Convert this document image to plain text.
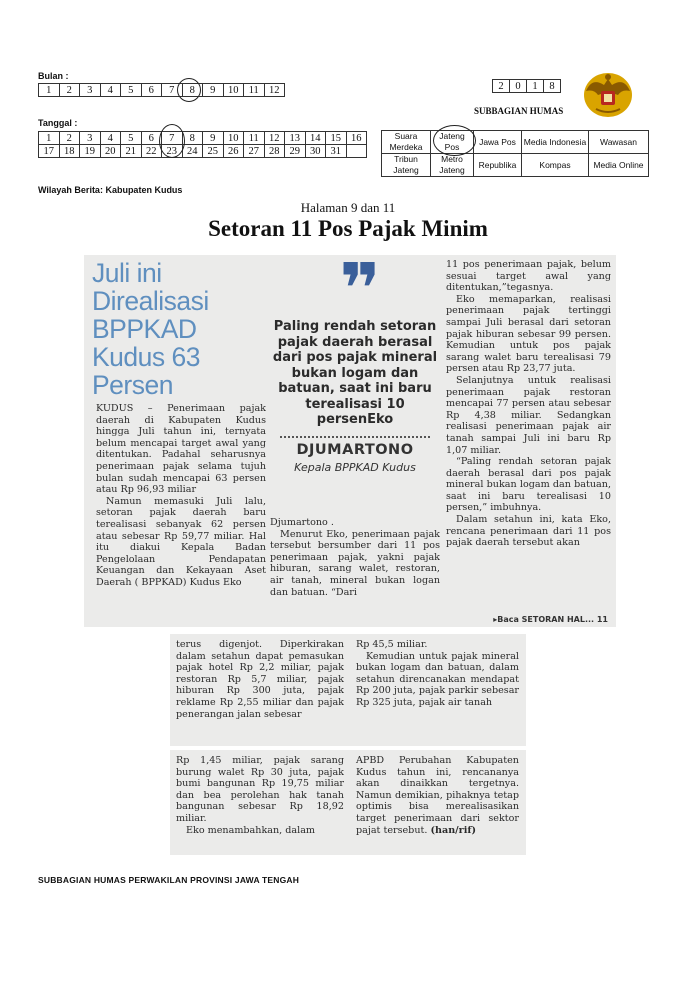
Bulan :
1	2	3	4	5	6	7	8	9	10	11	12
Tanggal :
1	2	3	4	5	6	7	8	9	10	11	12	13	14	15	16
17	18	19	20	21	22	23	24	25	26	27	28	29	30	31	
Wilayah Berita: Kabupaten Kudus
2	0	1	8
SUBBAGIAN HUMAS
Suara Merdeka	Jateng Pos	Jawa Pos	Media Indonesia	Wawasan
Tribun Jateng	Metro Jateng	Republika	Kompas	Media Online
Halaman 9 dan 11
Setoran 11 Pos Pajak Minim
Juli ini
Direalisasi
BPPKAD
Kudus 63
Persen

KUDUS – Penerimaan pajak daerah di Kabupaten Kudus hingga Juli tahun ini, ternyata belum mencapai target awal yang ditentukan. Padahal seharusnya penerimaan pajak selama tujuh bulan sudah mencapai 63 persen atau Rp 96,93 miliar

Namun memasuki Juli lalu, setoran pajak daerah baru terealisasi sebanyak 62 persen atau sebesar Rp 59,77 miliar. Hal itu diakui Kepala Badan Pengelolaan Pendapatan Keuangan dan Kekayaan Aset Daerah ( BPPKAD) Kudus Eko

❞
Paling rendah setoran pajak daerah berasal dari pos pajak mineral bukan logam dan batuan, saat ini baru terealisasi 10 persenEko
DJUMARTONO
Kepala BPPKAD Kudus

Djumartono .

Menurut Eko, penerimaan pajak tersebut bersumber dari 11 pos penerimaan pajak, yakni pajak hiburan, sarang walet, restoran, air tanah, mineral bukan logan dan batuan. “Dari

11 pos penerimaan pajak, belum sesuai target awal yang ditentukan,”tegasnya.

Eko memaparkan, realisasi penerimaan pajak tertinggi sampai Juli berasal dari setoran pajak hiburan sebesar 99 persen. Kemudian untuk pos pajak sarang walet baru terealisasi 79 persen atau Rp 23,77 juta.

Selanjutnya untuk realisasi penerimaan pajak restoran mencapai 77 persen atau sebesar Rp 4,38 miliar. Sedangkan realisasi penerimaan pajak air tanah sampai Juli ini baru Rp 1,07 miliar.

“Paling rendah setoran pajak daerah berasal dari pos pajak mineral bukan logam dan batuan, saat ini baru terealisasi 10 persen,” imbuhnya.

Dalam setahun ini, kata Eko, rencana penerimaan dari 11 pos pajak daerah tersebut akan

▸Baca SETORAN HAL... 11

terus digenjot. Diperkirakan dalam setahun dapat pemasukan pajak hotel Rp 2,2 miliar, pajak restoran Rp 5,7 miliar, pajak hiburan Rp 300 juta, pajak reklame Rp 2,55 miliar dan pajak penerangan jalan sebesar

Rp 45,5 miliar.

Kemudian untuk pajak mineral bukan logam dan batuan, dalam setahun direncanakan mendapat Rp 200 juta, pajak parkir sebesar Rp 325 juta, pajak air tanah

Rp 1,45 miliar, pajak sarang burung walet Rp 30 juta, pajak bumi bangunan Rp 19,75 miliar dan bea perolehan hak tanah bangunan sebesar Rp 18,92 miliar.

Eko menambahkan, dalam

APBD Perubahan Kabupaten Kudus tahun ini, rencananya akan dinaikkan tergetnya. Namun demikian, pihaknya tetap optimis bisa merealisasikan target penerimaan dari sektor pajat tersebut. (han/rif)

SUBBAGIAN HUMAS PERWAKILAN PROVINSI JAWA TENGAH
